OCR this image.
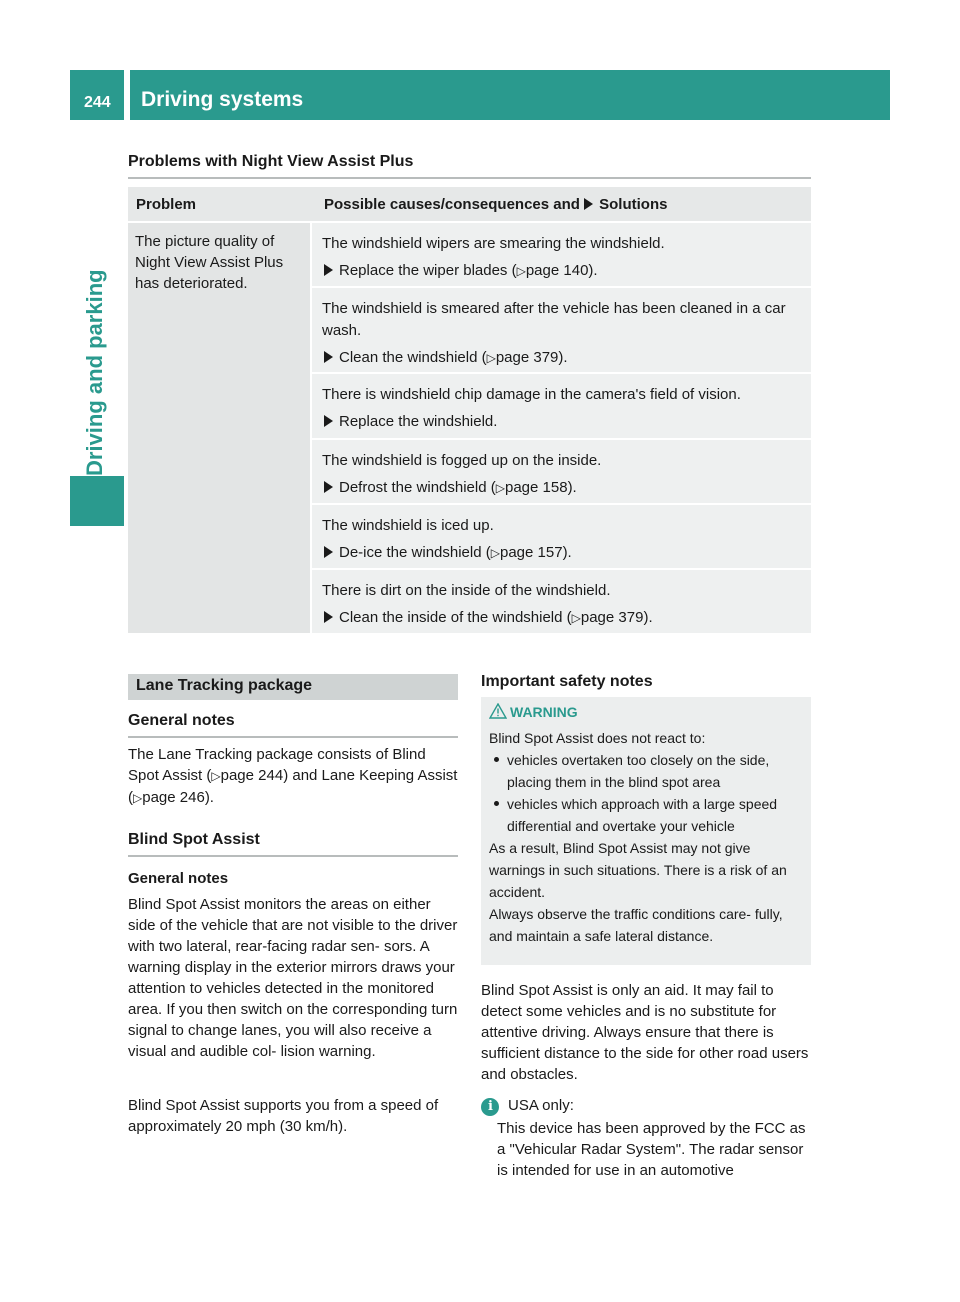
244 Driving systems
Driving and parking
Problems with Night View Assist Plus
Problem	Possible causes/consequences and Solutions

The picture quality of Night View Assist Plus has deteriorated.

The windshield wipers are smearing the windshield.
Replace the wiper blades (▷page 140).
The windshield is smeared after the vehicle has been cleaned in a car wash.
Clean the windshield (▷page 379).
There is windshield chip damage in the camera's field of vision.
Replace the windshield.
The windshield is fogged up on the inside.
Defrost the windshield (▷page 158).
The windshield is iced up.
De-ice the windshield (▷page 157).
There is dirt on the inside of the windshield.
Clean the inside of the windshield (▷page 379).
Lane Tracking package
General notes

The Lane Tracking package consists of Blind Spot Assist (▷page 244) and Lane Keeping Assist (▷page 246).

Blind Spot Assist
General notes

Blind Spot Assist monitors the areas on either side of the vehicle that are not visible to the driver with two lateral, rear-facing radar sen- sors. A warning display in the exterior mirrors draws your attention to vehicles detected in the monitored area. If you then switch on the corresponding turn signal to change lanes, you will also receive a visual and audible col- lision warning.

Blind Spot Assist supports you from a speed of approximately 20 mph (30 km/h).

Important safety notes
WARNING

Blind Spot Assist does not react to:

vehicles overtaken too closely on the side, placing them in the blind spot area

vehicles which approach with a large speed differential and overtake your vehicle

As a result, Blind Spot Assist may not give warnings in such situations. There is a risk of an accident.

Always observe the traffic conditions care- fully, and maintain a safe lateral distance.

Blind Spot Assist is only an aid. It may fail to detect some vehicles and is no substitute for attentive driving. Always ensure that there is sufficient distance to the side for other road users and obstacles.

i USA only:

This device has been approved by the FCC as a "Vehicular Radar System". The radar sensor is intended for use in an automotive
